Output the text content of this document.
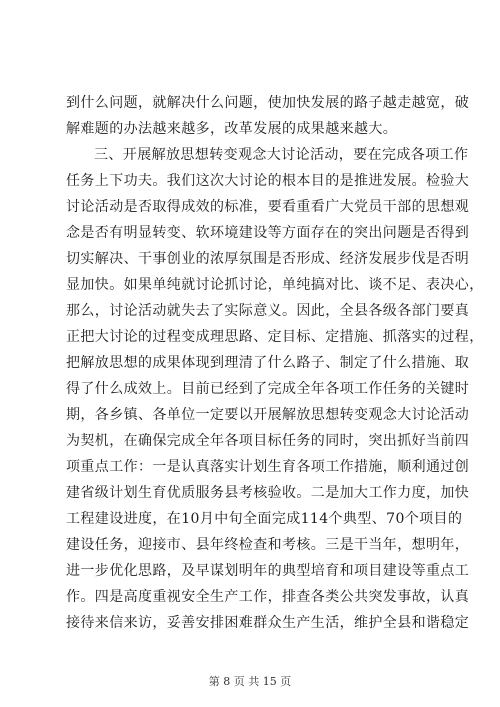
到什么问题，就解决什么问题，使加快发展的路子越走越宽，破
解难题的办法越来越多，改革发展的成果越来越大。
三、开展解放思想转变观念大讨论活动，要在完成各项工作
任务上下功夫。我们这次大讨论的根本目的是推进发展。检验大
讨论活动是否取得成效的标准，要看重看广大党员干部的思想观
念是否有明显转变、软环境建设等方面存在的突出问题是否得到
切实解决、干事创业的浓厚氛围是否形成、经济发展步伐是否明
显加快。如果单纯就讨论抓讨论，单纯搞对比、谈不足、表决心，
那么，讨论活动就失去了实际意义。因此，全县各级各部门要真
正把大讨论的过程变成理思路、定目标、定措施、抓落实的过程，
把解放思想的成果体现到理清了什么路子、制定了什么措施、取
得了什么成效上。目前已经到了完成全年各项工作任务的关键时
期，各乡镇、各单位一定要以开展解放思想转变观念大讨论活动
为契机，在确保完成全年各项目标任务的同时，突出抓好当前四
项重点工作：一是认真落实计划生育各项工作措施，顺利通过创
建省级计划生育优质服务县考核验收。二是加大工作力度，加快
工程建设进度，在10月中旬全面完成114个典型、70个项目的
建设任务，迎接市、县年终检查和考核。三是干当年，想明年，
进一步优化思路，及早谋划明年的典型培育和项目建设等重点工
作。四是高度重视安全生产工作，排查各类公共突发事故，认真
接待来信来访，妥善安排困难群众生产生活，维护全县和谐稳定
第 8 页 共 15 页
